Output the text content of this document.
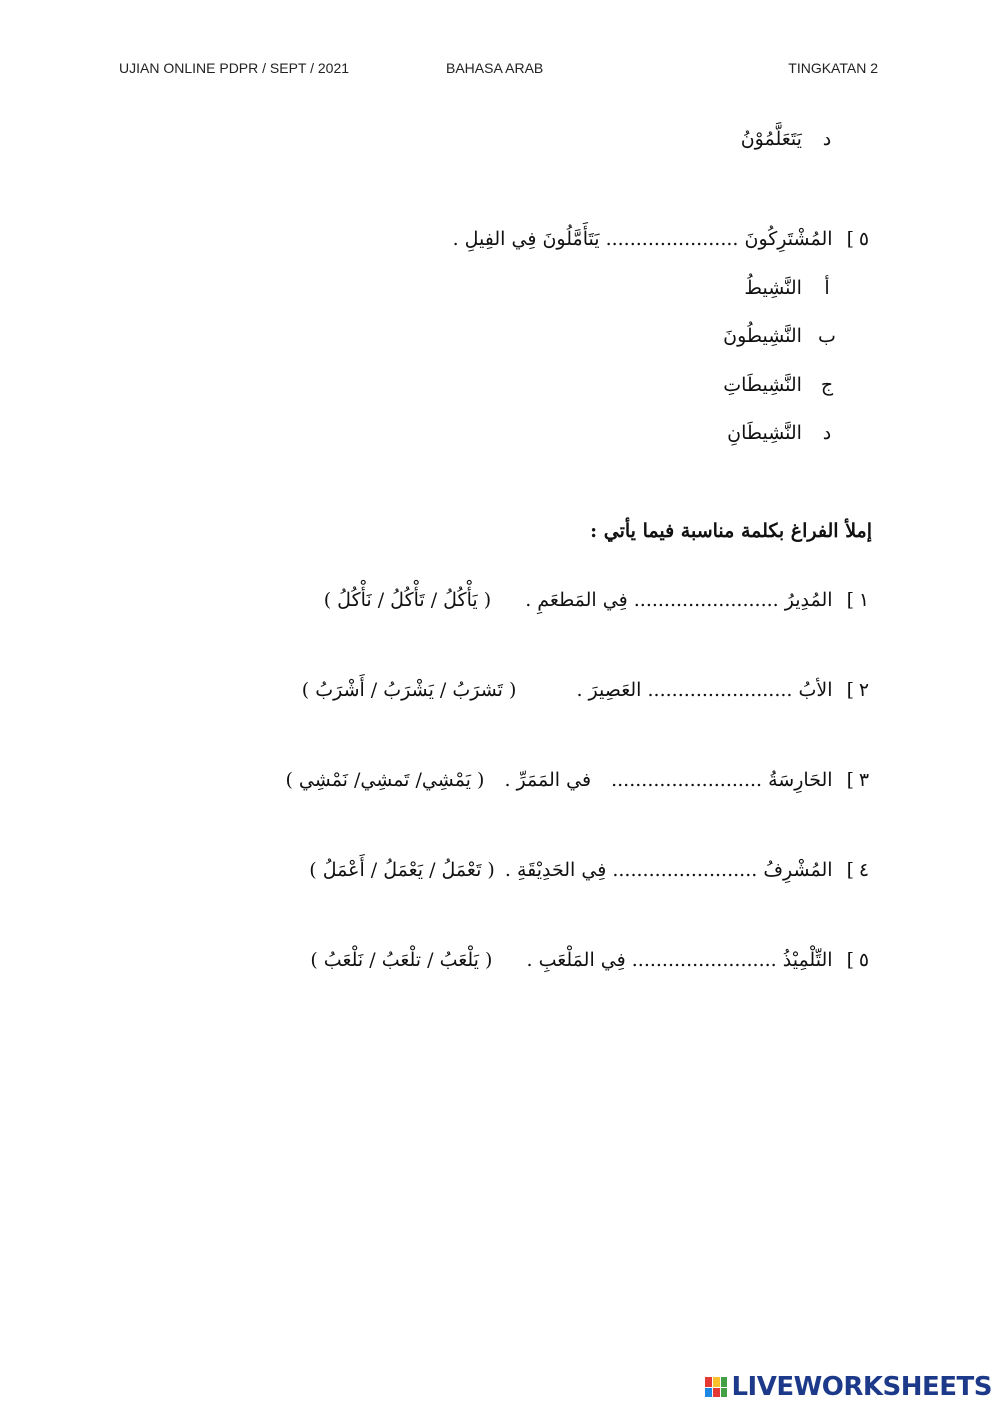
UJIAN ONLINE PDPR / SEPT / 2021	BAHASA ARAB	TINGKATAN 2
د يَتَعَلَّمُوْنُ
٥] المُشْتَرِكُونَ ...................... يَتَأَمَّلُونَ فِي الفِيلِ .
أ النَّشِيطُ
ب النَّشِيطُونَ
ج النَّشِيطَاتِ
د النَّشِيطَانِ
إملأ الفراغ بكلمة مناسبة فيما يأتي :
١] المُدِيرُ ........................ فِي المَطعَمِ . ( يَأْكُلُ / تَأْكُلُ / نَأْكُلُ )
٢] الأبُ ........................ العَصِيرَ . ( تَشرَبُ / يَشْرَبُ / أَشْرَبُ )
٣] الحَارِسَةُ ......................... في المَمَرِّ . ( يَمْشِي/ تَمشِي/ نَمْشِي )
٤] المُشْرِفُ ........................ فِي الحَدِيْقَةِ . ( تَعْمَلُ / يَعْمَلُ / أَعْمَلُ )
٥] التِّلْمِيْذُ ........................ فِي المَلْعَبِ . ( يَلْعَبُ / تلْعَبُ / نَلْعَبُ )
LIVEWORKSHEETS
